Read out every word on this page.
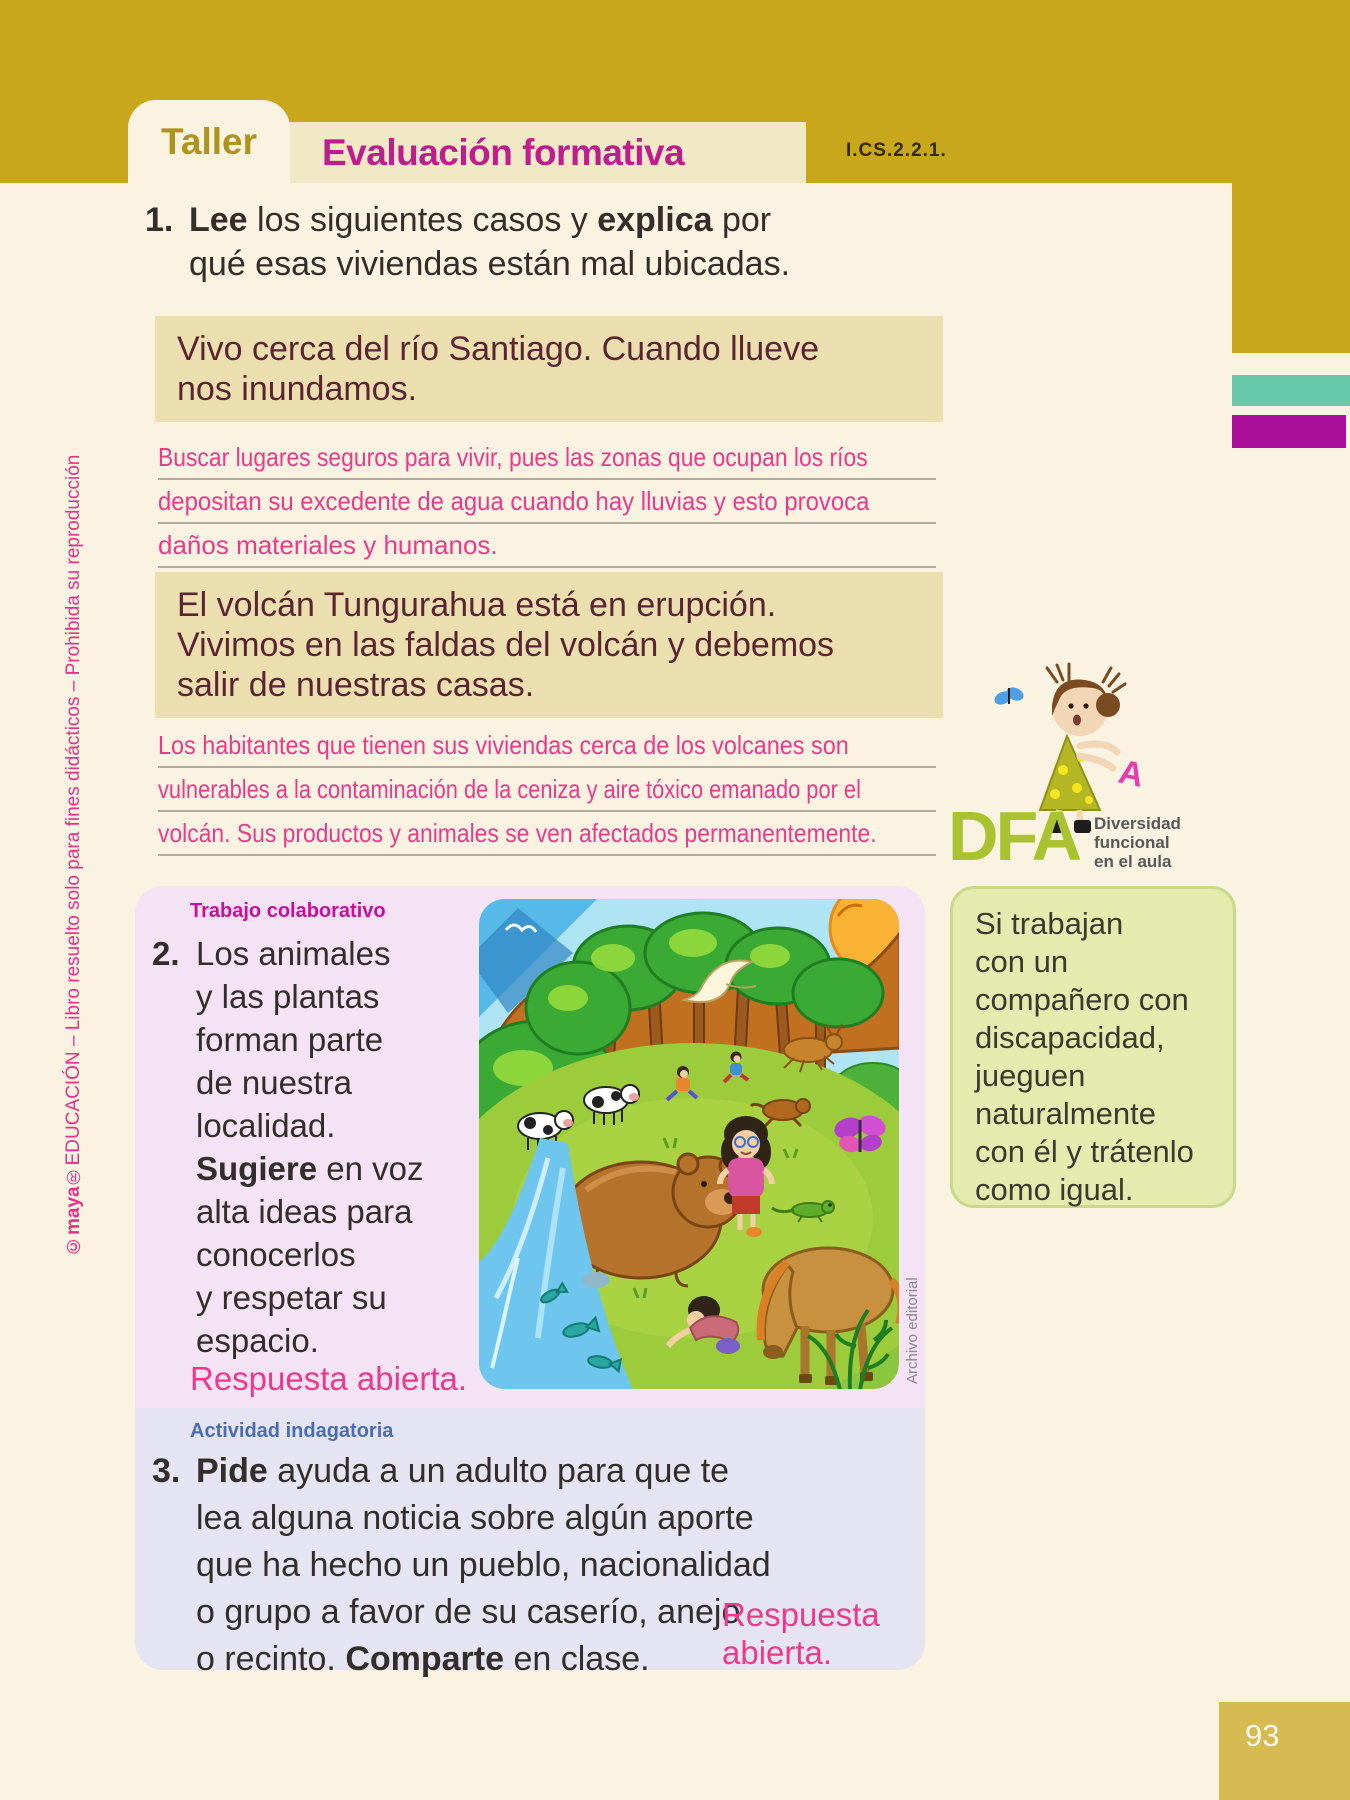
Evaluación formativa
Taller	I.CS.2.2.1.
©maya®EDUCACIÓN – Libro resuelto solo para fines didácticos – Prohibida su reproducción
1. Lee los siguientes casos y explica por
qué esas viviendas están mal ubicadas.
Vivo cerca del río Santiago. Cuando llueve
nos inundamos.
Buscar lugares seguros para vivir, pues las zonas que ocupan los ríos
depositan su excedente de agua cuando hay lluvias y esto provoca
daños materiales y humanos.
El volcán Tungurahua está en erupción.
Vivimos en las faldas del volcán y debemos
salir de nuestras casas.
Los habitantes que tienen sus viviendas cerca de los volcanes son
vulnerables a la contaminación de la ceniza y aire tóxico emanado por el
volcán. Sus productos y animales se ven afectados permanentemente.
A
DFA Diversidad
funcional
en el aula
Si trabajan
con un
compañero con
discapacidad,
jueguen
naturalmente
con él y trátenlo
como igual.
Trabajo colaborativo
2. Los animales
y las plantas
forman parte
de nuestra
localidad.
Sugiere en voz
alta ideas para
conocerlos
y respetar su
espacio.
Respuesta abierta.	Archivo editorial
Actividad indagatoria
3. Pide ayuda a un adulto para que te
lea alguna noticia sobre algún aporte
que ha hecho un pueblo, nacionalidad
o grupo a favor de su caserío, anejo
o recinto. Comparte en clase.
Respuesta
abierta.
93
